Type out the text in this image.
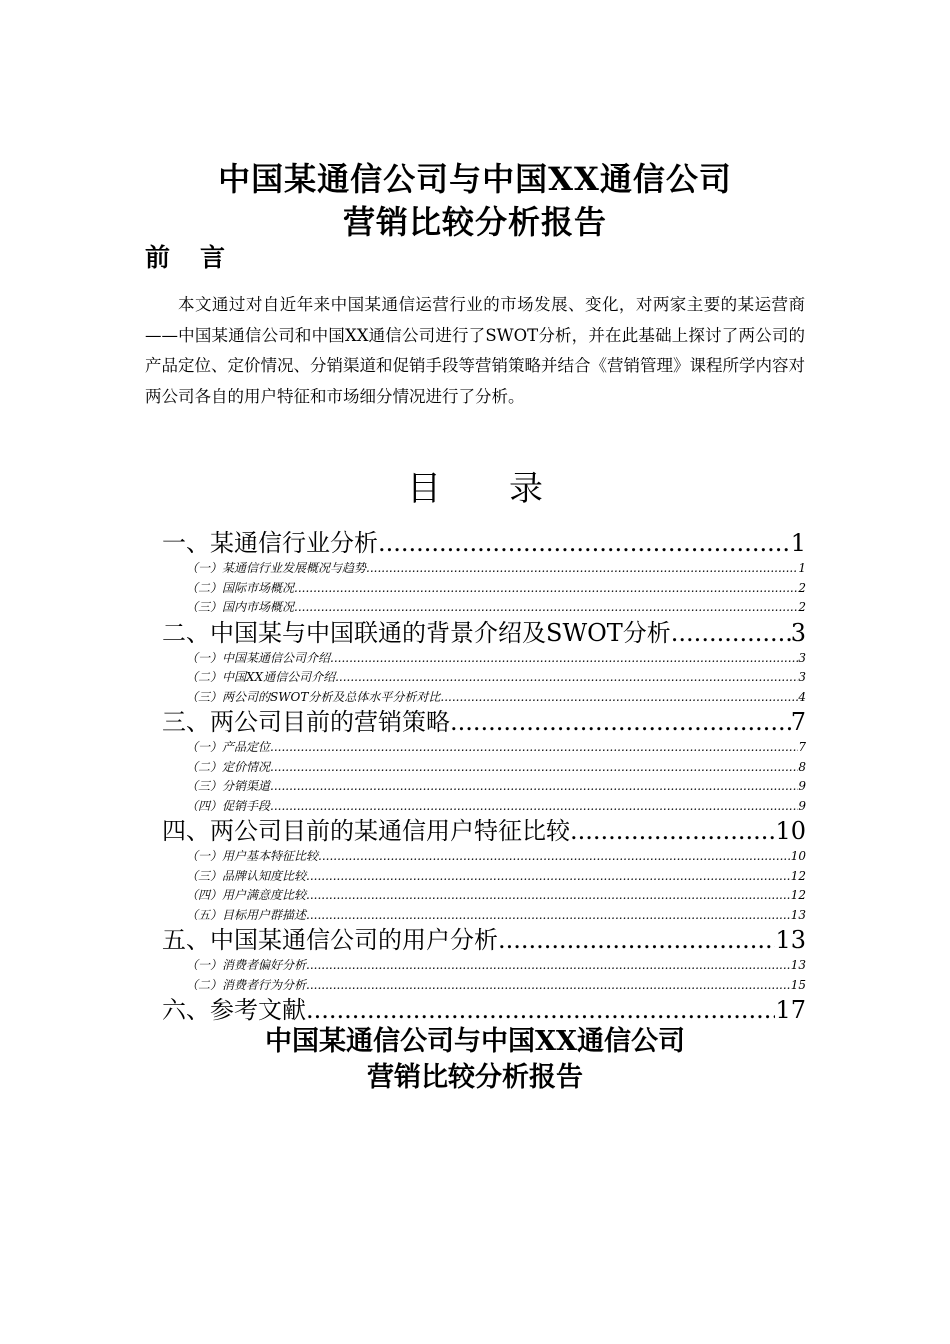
中国某通信公司与中国XX通信公司
营销比较分析报告
前言
本文通过对自近年来中国某通信运营行业的市场发展、变化，对两家主要的某运营商——中国某通信公司和中国XX通信公司进行了SWOT分析，并在此基础上探讨了两公司的产品定位、定价情况、分销渠道和促销手段等营销策略并结合《营销管理》课程所学内容对两公司各自的用户特征和市场细分情况进行了分析。
目 录
一、某通信行业分析 .....	1
（一）某通信行业发展概况与趋势 .....	1
（二）国际市场概况 .....	2
（三）国内市场概况 .....	2
二、中国某与中国联通的背景介绍及SWOT分析 .....	3
（一）中国某通信公司介绍 .....	3
（二）中国XX通信公司介绍 .....	3
（三）两公司的SWOT分析及总体水平分析对比 .....	4
三、两公司目前的营销策略 .....	7
（一）产品定位 .....	7
（二）定价情况 .....	8
（三）分销渠道 .....	9
（四）促销手段 .....	9
四、两公司目前的某通信用户特征比较 .....	10
（一）用户基本特征比较 .....	10
（三）品牌认知度比较 .....	12
（四）用户满意度比较 .....	12
（五）目标用户群描述 .....	13
五、中国某通信公司的用户分析 .....	13
（一）消费者偏好分析 .....	13
（二）消费者行为分析 .....	15
六、参考文献 .....	17
中国某通信公司与中国XX通信公司
营销比较分析报告
